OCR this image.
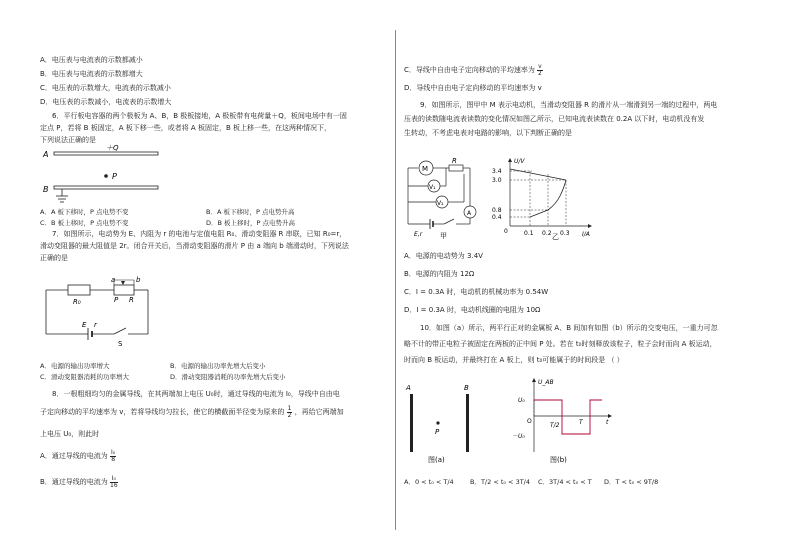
A．电压表与电流表的示数都减小
B．电压表与电流表的示数都增大
C．电压表的示数增大，电流表的示数减小
D．电压表的示数减小，电流表的示数增大
6．平行板电容器的两个极板为 A、B，B 极板接地，A 极板带有电荷量＋Q，板间电场中有一固
定点 P，若将 B 板固定，A 板下移一些，或者将 A 板固定，B 板上移一些，在这两种情况下，
下列说法正确的是
A
＋Q
P
B
A．A 板下移时，P 点电势不变	B．A 板下移时，P 点电势升高
C．B 板上移时，P 点电势不变	D．B 板上移时，P 点电势升高
7．如图所示，电动势为 E、内阻为 r 的电池与定值电阻 R₀、滑动变阻器 R 串联，已知 R₀=r，
滑动变阻器的最大阻值是 2r。闭合开关后，当滑动变阻器的滑片 P 由 a 端向 b 端滑动时，下列说法
正确的是
R₀
a	b
P R
E r
S
A．电源的输出功率增大	B．电源的输出功率先增大后变小
C．滑动变阻器消耗的功率增大	D．滑动变阻器消耗的功率先增大后变小
8．一根粗细均匀的金属导线，在其两端加上电压 U₀时，通过导线的电流为 I₀，导线中自由电
子定向移动的平均速率为 v，若将导线均匀拉长，使它的横截面半径变为原来的 $\frac{1}{2}$ ，再给它两端加
上电压 U₀，则此时
A．通过导线的电流为 $\frac{\text{I₀}}{8}$
B．通过导线的电流为 $\frac{\text{I₀}}{16}$
C．导线中自由电子定向移动的平均速率为 $\frac{v}{2}$
D．导线中自由电子定向移动的平均速率为 v
9．如图所示，图甲中 M 表示电动机，当滑动变阻器 R 的滑片从一端滑到另一端的过程中，两电
压表的读数随电流表读数的变化情况如图乙所示，已知电流表读数在 0.2A 以下时，电动机没有发
生转动，不考虑电表对电路的影响，以下判断正确的是
M
R
V₁
V₂
A
E,r	甲
U/V
I/A
0
3.4
3.0
0.8
0.4
0.1 0.2 0.3
乙
A．电源的电动势为 3.4V
B．电源的内阻为 12Ω
C．I = 0.3A 时，电动机的机械功率为 0.54W
D．I = 0.3A 时，电动机线圈的电阻为 10Ω
10．如图（a）所示，两平行正对的金属板 A、B 间加有如图（b）所示的交变电压，一重力可忽
略不计的带正电粒子被固定在两板的正中间 P 处。若在 t₀时刻释放该粒子，粒子会时而向 A 板运动，
时而向 B 板运动，并最终打在 A 板上，则 t₀可能属于的时间段是 （ ）
A	B
P
图(a)
U_AB
U₀
－U₀
O	t
T/2	T
图(b)
A．0 < t₀ < T/4	B．T/2 < t₀ < 3T/4 C．3T/4 < t₀ < T D．T < t₀ < 9T/8
